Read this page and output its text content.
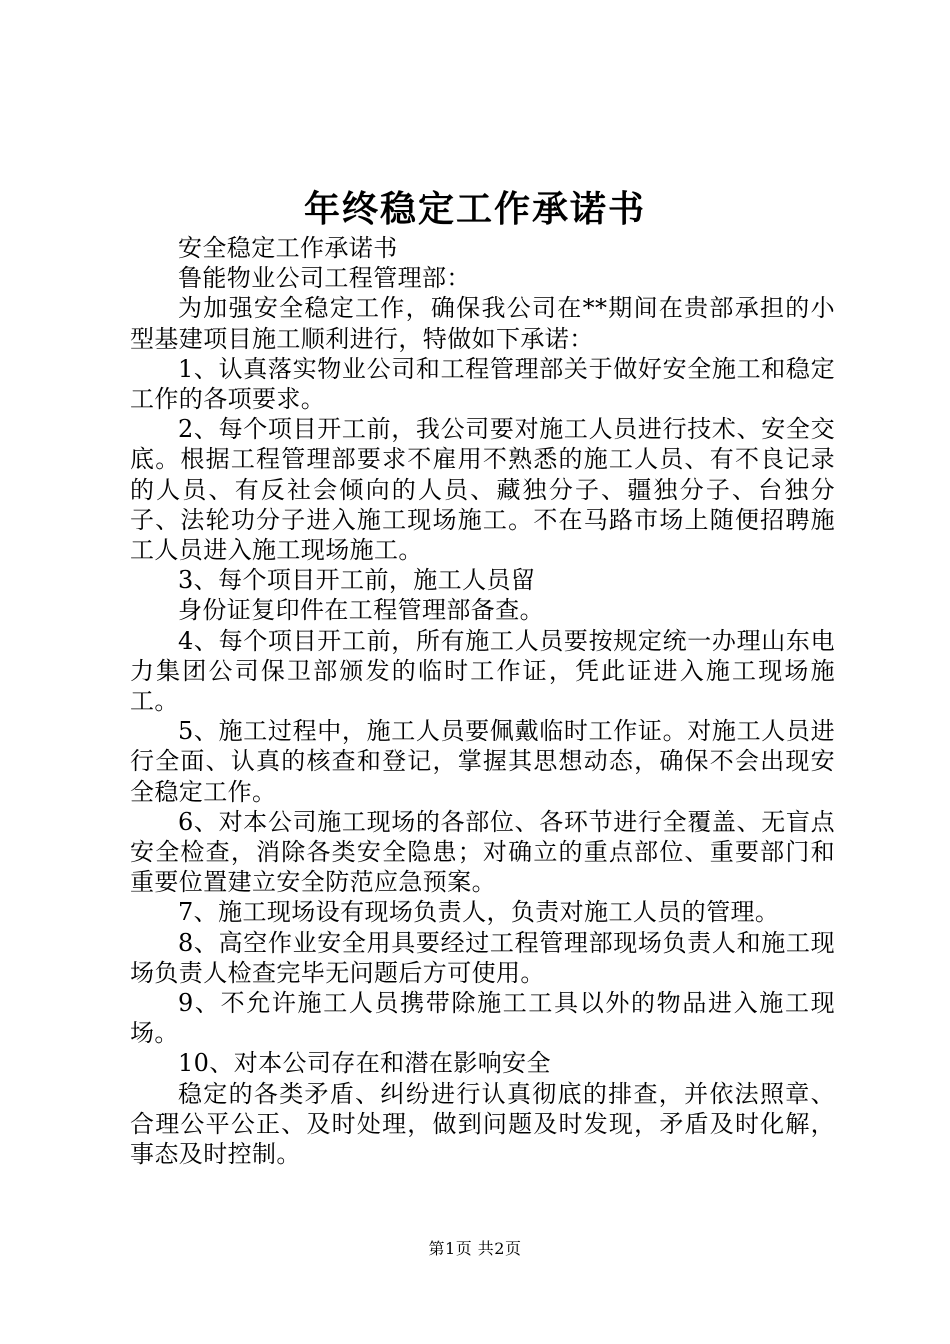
年终稳定工作承诺书

安全稳定工作承诺书

鲁能物业公司工程管理部：

为加强安全稳定工作，确保我公司在**期间在贵部承担的小型基建项目施工顺利进行，特做如下承诺：

1、认真落实物业公司和工程管理部关于做好安全施工和稳定工作的各项要求。

2、每个项目开工前，我公司要对施工人员进行技术、安全交底。根据工程管理部要求不雇用不熟悉的施工人员、有不良记录的人员、有反社会倾向的人员、藏独分子、疆独分子、台独分子、法轮功分子进入施工现场施工。不在马路市场上随便招聘施工人员进入施工现场施工。

3、每个项目开工前，施工人员留

身份证复印件在工程管理部备查。

4、每个项目开工前，所有施工人员要按规定统一办理山东电力集团公司保卫部颁发的临时工作证，凭此证进入施工现场施工。

5、施工过程中，施工人员要佩戴临时工作证。对施工人员进行全面、认真的核查和登记，掌握其思想动态，确保不会出现安全稳定工作。

6、对本公司施工现场的各部位、各环节进行全覆盖、无盲点安全检查，消除各类安全隐患；对确立的重点部位、重要部门和重要位置建立安全防范应急预案。

7、施工现场设有现场负责人，负责对施工人员的管理。

8、高空作业安全用具要经过工程管理部现场负责人和施工现场负责人检查完毕无问题后方可使用。

9、不允许施工人员携带除施工工具以外的物品进入施工现场。

10、对本公司存在和潜在影响安全

稳定的各类矛盾、纠纷进行认真彻底的排查，并依法照章、合理公平公正、及时处理，做到问题及时发现，矛盾及时化解，事态及时控制。

第1页 共2页
